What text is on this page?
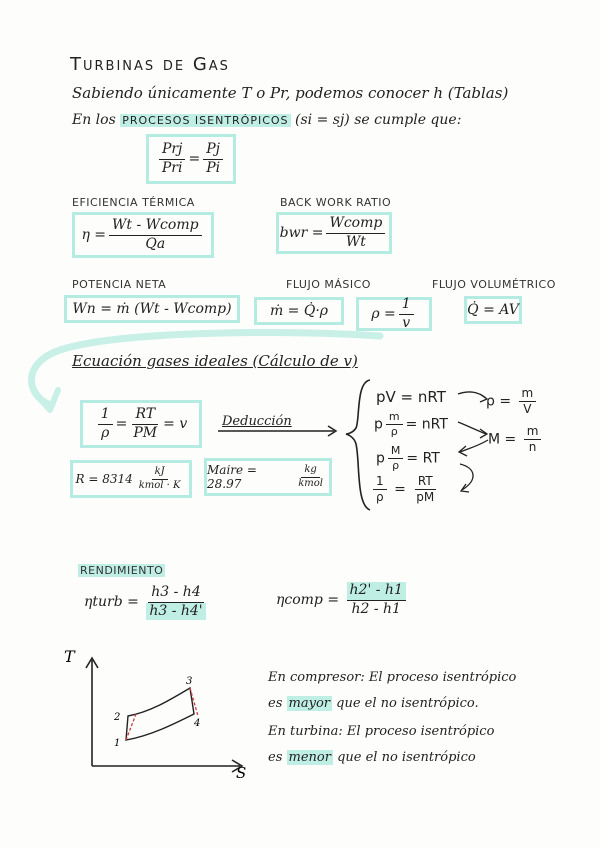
Turbinas de Gas
Sabiendo únicamente T o Pr, podemos conocer h (Tablas)
En los PROCESOS ISENTRÓPICOS (si = sj) se cumple que:
$\frac{\text{Prj}}{\text{Pri}} = \frac{Pj}{Pi}$
EFICIENCIA TÉRMICA
$\eta = \frac{\text{Wt - Wcomp}}{Qa}$
BACK WORK RATIO
bwr = $\frac{\text{Wcomp}}{Wt}$
POTENCIA NETA	FLUJO MÁSICO	FLUJO VOLUMÉTRICO
Wn = ṁ (Wt - Wcomp)	ṁ = Q̇·ρ	$\rho = \frac{1}{v}$	Q̇ = AV
Ecuación gases ideales (Cálculo de v)
$\frac{1}{\rho} = \frac{RT}{PM} = v$	Deducción
$R = 8314 \frac{kJ}{\text{kmol · K}}$ Maire = 28.97	$\frac{kg}{\text{kmol}}$
pV = nRT
p $\frac{m}{\rho}$ = nRT
p $\frac{M}{\rho}$ = RT
$\frac{1}{\rho} = \frac{RT}{pM}$
$\rho = \frac{m}{V}$
$M = \frac{m}{n}$
RENDIMIENTO
ηturb = $\frac{h3 - h4}{h3 - h4'}$	ηcomp = $\frac{h2' - h1}{h2 - h1}$
T
S
1
2
3
4
En compresor: El proceso isentrópico
es mayor que el no isentrópico.
En turbina: El proceso isentrópico
es menor que el no isentrópico
